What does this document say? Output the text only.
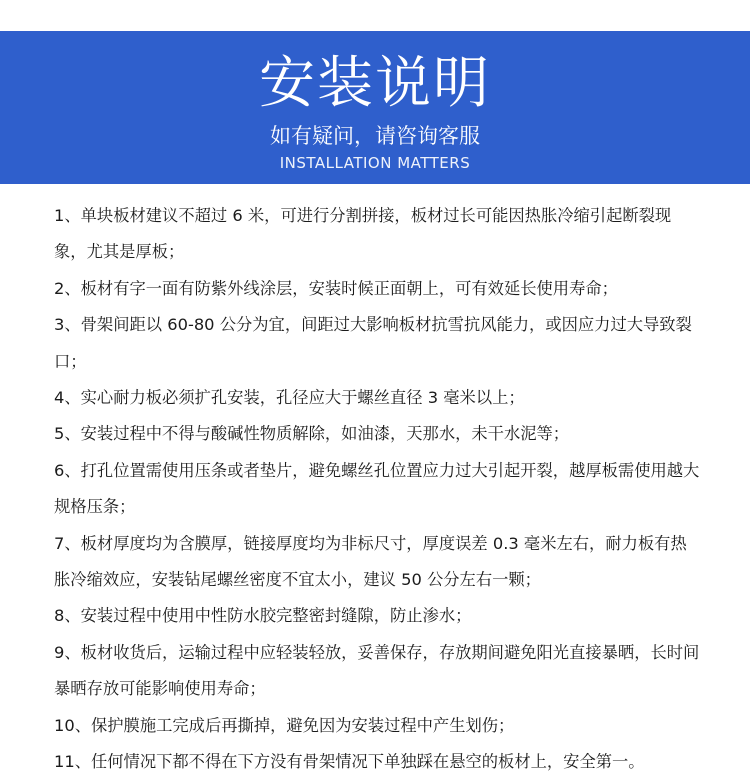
安装说明

如有疑问，请咨询客服

INSTALLATION MATTERS

1、单块板材建议不超过 6 米，可进行分割拼接，板材过长可能因热胀冷缩引起断裂现象，尤其是厚板；

2、板材有字一面有防紫外线涂层，安装时候正面朝上，可有效延长使用寿命；

3、骨架间距以 60-80 公分为宜，间距过大影响板材抗雪抗风能力，或因应力过大导致裂口；

4、实心耐力板必须扩孔安装，孔径应大于螺丝直径 3 毫米以上；

5、安装过程中不得与酸碱性物质解除，如油漆，天那水，未干水泥等；

6、打孔位置需使用压条或者垫片，避免螺丝孔位置应力过大引起开裂，越厚板需使用越大规格压条；

7、板材厚度均为含膜厚，链接厚度均为非标尺寸，厚度误差 0.3 毫米左右，耐力板有热胀冷缩效应，安装钻尾螺丝密度不宜太小，建议 50 公分左右一颗；

8、安装过程中使用中性防水胶完整密封缝隙，防止渗水；

9、板材收货后，运输过程中应轻装轻放，妥善保存，存放期间避免阳光直接暴晒，长时间暴晒存放可能影响使用寿命；

10、保护膜施工完成后再撕掉，避免因为安装过程中产生划伤；

11、任何情况下都不得在下方没有骨架情况下单独踩在悬空的板材上，安全第一。
